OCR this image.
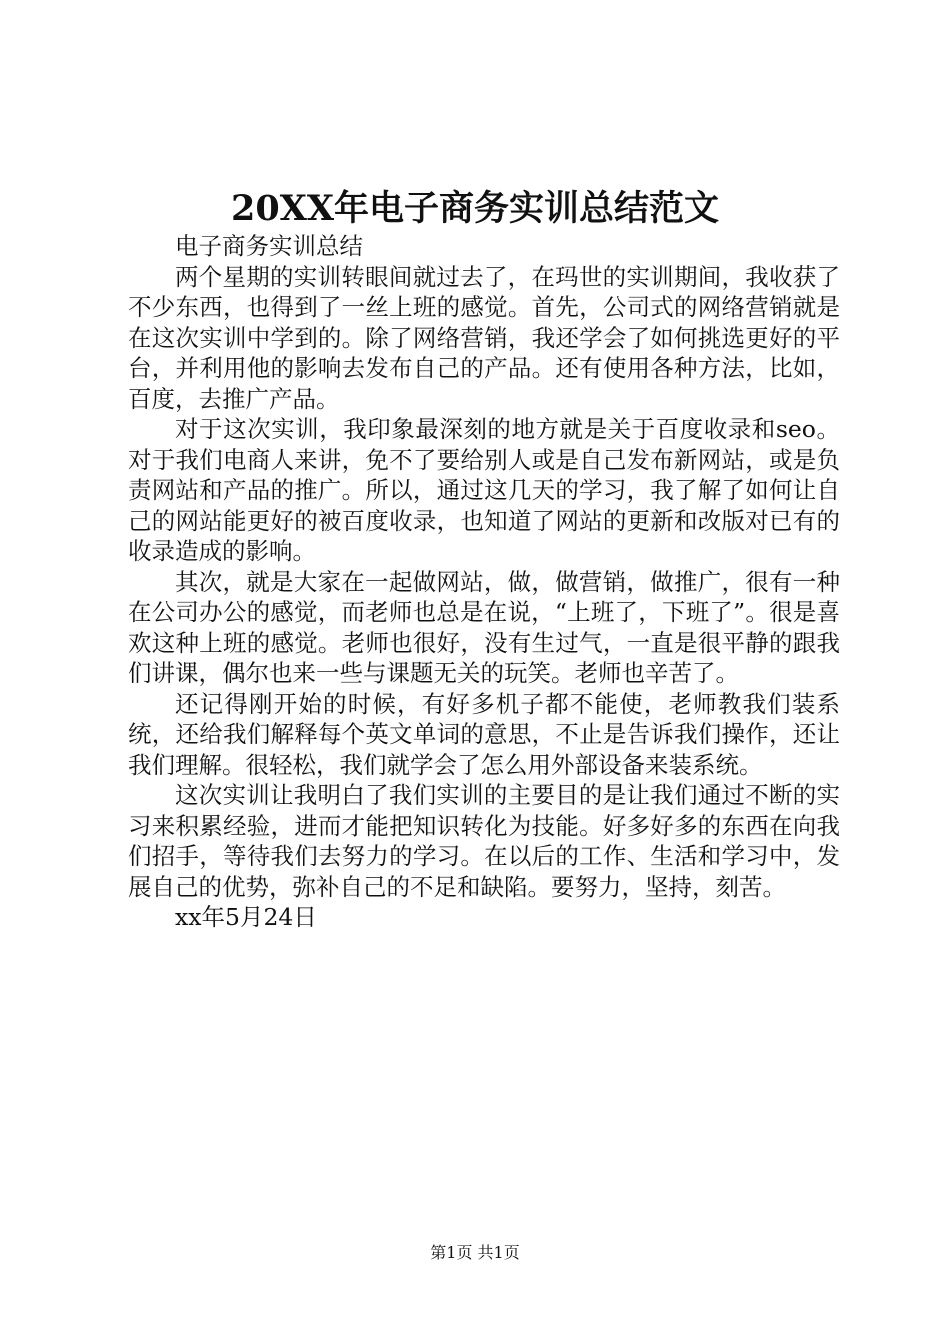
20XX年电子商务实训总结范文

电子商务实训总结

两个星期的实训转眼间就过去了，在玛世的实训期间，我收获了不少东西，也得到了一丝上班的感觉。首先，公司式的网络营销就是在这次实训中学到的。除了网络营销，我还学会了如何挑选更好的平台，并利用他的影响去发布自己的产品。还有使用各种方法，比如，百度，去推广产品。

对于这次实训，我印象最深刻的地方就是关于百度收录和seo。对于我们电商人来讲，免不了要给别人或是自己发布新网站，或是负责网站和产品的推广。所以，通过这几天的学习，我了解了如何让自己的网站能更好的被百度收录，也知道了网站的更新和改版对已有的收录造成的影响。

其次，就是大家在一起做网站，做，做营销，做推广，很有一种在公司办公的感觉，而老师也总是在说，“上班了，下班了”。很是喜欢这种上班的感觉。老师也很好，没有生过气，一直是很平静的跟我们讲课，偶尔也来一些与课题无关的玩笑。老师也辛苦了。

还记得刚开始的时候，有好多机子都不能使，老师教我们装系统，还给我们解释每个英文单词的意思，不止是告诉我们操作，还让我们理解。很轻松，我们就学会了怎么用外部设备来装系统。

这次实训让我明白了我们实训的主要目的是让我们通过不断的实习来积累经验，进而才能把知识转化为技能。好多好多的东西在向我们招手，等待我们去努力的学习。在以后的工作、生活和学习中，发展自己的优势，弥补自己的不足和缺陷。要努力，坚持，刻苦。

xx年5月24日

第1页 共1页
